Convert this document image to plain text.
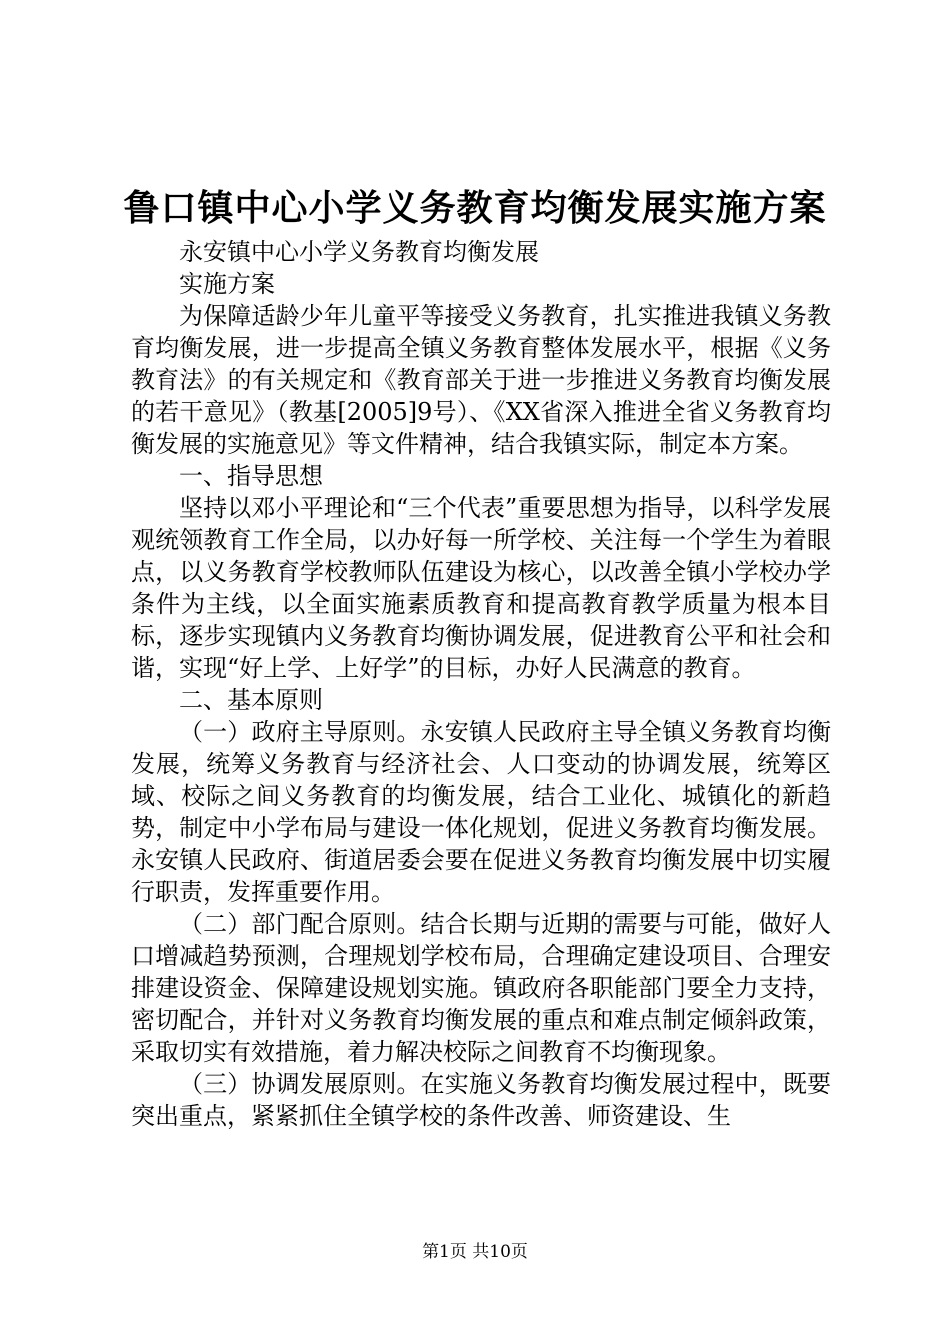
鲁口镇中心小学义务教育均衡发展实施方案

永安镇中心小学义务教育均衡发展

实施方案

为保障适龄少年儿童平等接受义务教育，扎实推进我镇义务教育均衡发展，进一步提高全镇义务教育整体发展水平，根据《义务教育法》的有关规定和《教育部关于进一步推进义务教育均衡发展的若干意见》（教基[2005]9号）、《XX省深入推进全省义务教育均衡发展的实施意见》等文件精神，结合我镇实际，制定本方案。

一、指导思想

坚持以邓小平理论和“三个代表”重要思想为指导，以科学发展观统领教育工作全局，以办好每一所学校、关注每一个学生为着眼点，以义务教育学校教师队伍建设为核心，以改善全镇小学校办学条件为主线，以全面实施素质教育和提高教育教学质量为根本目标，逐步实现镇内义务教育均衡协调发展，促进教育公平和社会和谐，实现“好上学、上好学”的目标，办好人民满意的教育。

二、基本原则

（一）政府主导原则。永安镇人民政府主导全镇义务教育均衡发展，统筹义务教育与经济社会、人口变动的协调发展，统筹区域、校际之间义务教育的均衡发展，结合工业化、城镇化的新趋势，制定中小学布局与建设一体化规划，促进义务教育均衡发展。永安镇人民政府、街道居委会要在促进义务教育均衡发展中切实履行职责，发挥重要作用。

（二）部门配合原则。结合长期与近期的需要与可能，做好人口增减趋势预测，合理规划学校布局，合理确定建设项目、合理安排建设资金、保障建设规划实施。镇政府各职能部门要全力支持，密切配合，并针对义务教育均衡发展的重点和难点制定倾斜政策，采取切实有效措施，着力解决校际之间教育不均衡现象。

（三）协调发展原则。在实施义务教育均衡发展过程中，既要突出重点，紧紧抓住全镇学校的条件改善、师资建设、生

第1页 共10页
